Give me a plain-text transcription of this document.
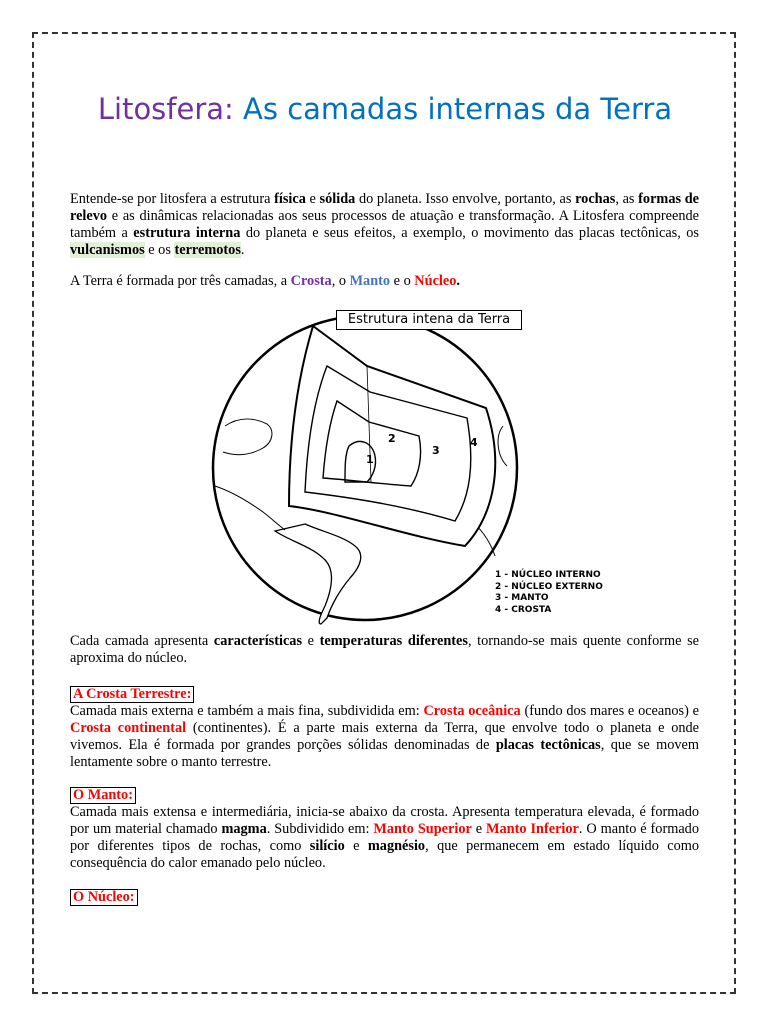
Litosfera: As camadas internas da Terra

Entende-se por litosfera a estrutura física e sólida do planeta. Isso envolve, portanto, as rochas, as formas de relevo e as dinâmicas relacionadas aos seus processos de atuação e transformação. A Litosfera compreende também a estrutura interna do planeta e seus efeitos, a exemplo, o movimento das placas tectônicas, os vulcanismos e os terremotos.

A Terra é formada por três camadas, a Crosta, o Manto e o Núcleo.

Estrutura intena da Terra
1
2
3
4
1 - NÚCLEO INTERNO
2 - NÚCLEO EXTERNO
3 - MANTO
4 - CROSTA

Cada camada apresenta características e temperaturas diferentes, tornando-se mais quente conforme se aproxima do núcleo.

A Crosta Terrestre:

Camada mais externa e também a mais fina, subdividida em: Crosta oceânica (fundo dos mares e oceanos) e Crosta continental (continentes). É a parte mais externa da Terra, que envolve todo o planeta e onde vivemos. Ela é formada por grandes porções sólidas denominadas de placas tectônicas, que se movem lentamente sobre o manto terrestre.

O Manto:

Camada mais extensa e intermediária, inicia-se abaixo da crosta. Apresenta temperatura elevada, é formado por um material chamado magma. Subdividido em: Manto Superior e Manto Inferior. O manto é formado por diferentes tipos de rochas, como silício e magnésio, que permanecem em estado líquido como consequência do calor emanado pelo núcleo.

O Núcleo:
